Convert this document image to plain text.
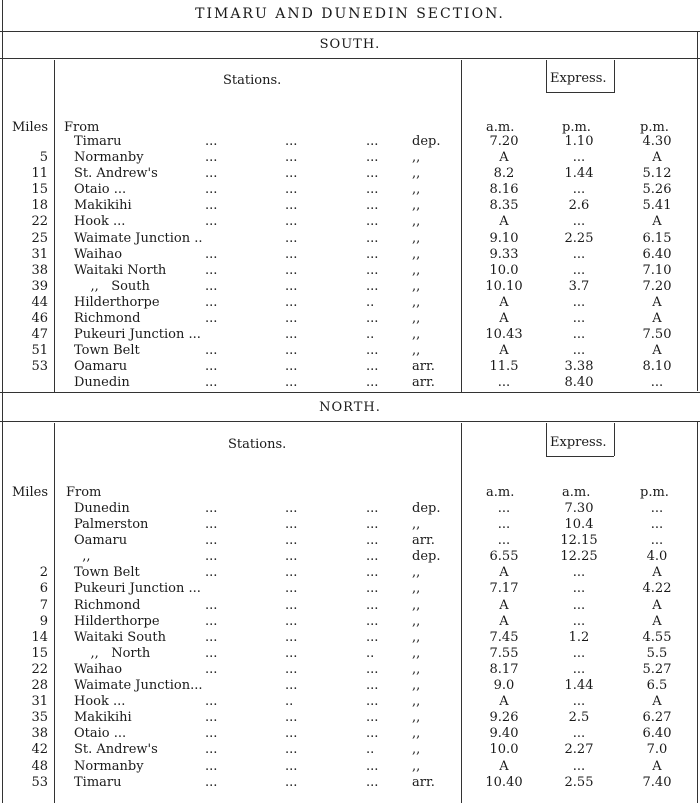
TIMARU AND DUNEDIN SECTION.
SOUTH.
Stations.	Express.
Miles From	a.m.	p.m.	p.m.
Timaru	...	...	...	dep.	7.20	1.10	4.30
5 Normanby	...	...	...	,,	A	...	A
11 St. Andrew's	...	...	...	,,	8.2	1.44	5.12
15 Otaio ...	...	...	...	,,	8.16	...	5.26
18 Makikihi	...	...	...	,,	8.35	2.6	5.41
22 Hook ...	...	...	...	,,	A	...	A
25 Waimate Junction ..	...	...	,,	9.10	2.25	6.15
31 Waihao	...	...	...	,,	9.33	...	6.40
38 Waitaki North	...	...	...	,,	10.0	...	7.10
39 ,,   South	...	...	...	,,	10.10	3.7	7.20
44 Hilderthorpe	...	...	..	,,	A	...	A
46 Richmond	...	...	...	,,	A	...	A
47 Pukeuri Junction ...	...	..	,,	10.43	...	7.50
51 Town Belt	...	...	...	,,	A	...	A
53 Oamaru	...	...	...	arr.	11.5	3.38	8.10
Dunedin	...	...	...	arr.	...	8.40	...
NORTH.
Stations.	Express.
Miles From	a.m.	a.m.	p.m.
Dunedin	...	...	...	dep.	...	7.30	...
Palmerston	...	...	...	,,	...	10.4	...
Oamaru	...	...	...	arr.	...	12.15	...
,,	...	...	...	dep.	6.55	12.25	4.0
2 Town Belt	...	...	...	,,	A	...	A
6 Pukeuri Junction ...	...	...	,,	7.17	...	4.22
7 Richmond	...	...	...	,,	A	...	A
9 Hilderthorpe	...	...	...	,,	A	...	A
14 Waitaki South	...	...	...	,,	7.45	1.2	4.55
15 ,,   North	...	...	..	,,	7.55	...	5.5
22 Waihao	...	...	...	,,	8.17	...	5.27
28 Waimate Junction...	...	...	,,	9.0	1.44	6.5
31 Hook ...	...	..	...	,,	A	...	A
35 Makikihi	...	...	...	,,	9.26	2.5	6.27
38 Otaio ...	...	...	...	,,	9.40	...	6.40
42 St. Andrew's	...	...	..	,,	10.0	2.27	7.0
48 Normanby	...	...	...	,,	A	...	A
53 Timaru	...	...	...	arr.	10.40	2.55	7.40
